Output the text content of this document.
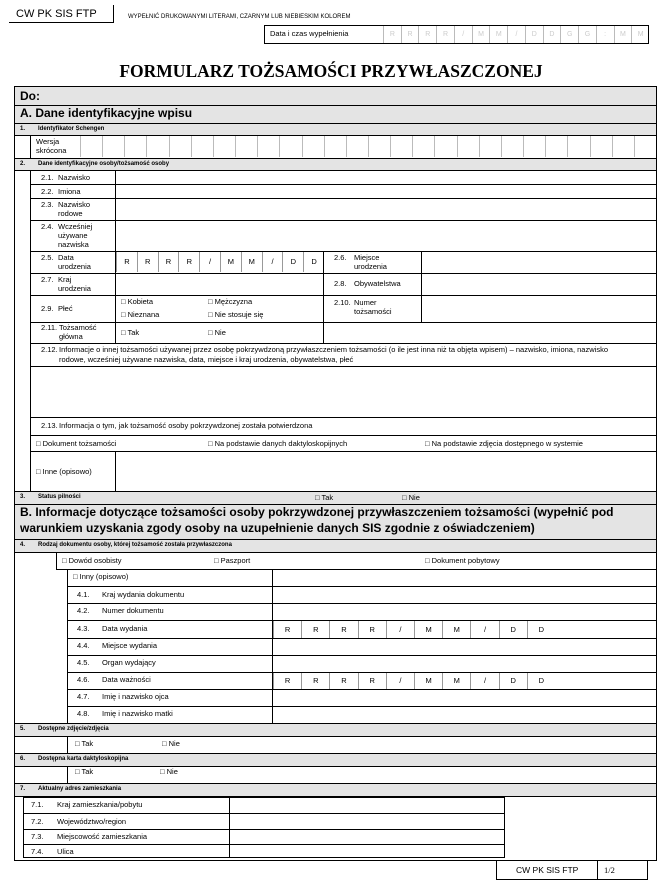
CW PK SIS FTP	WYPEŁNIĆ DRUKOWANYMI LITERAMI, CZARNYM LUB NIEBIESKIM KOLOREM
Data i czas wypełnienia	R	R	R	R	/	M	M	/	D	D	G	G	:	M	M
FORMULARZ TOŻSAMOŚCI PRZYWŁASZCZONEJ
Do:
A. Dane identyfikacyjne wpisu
1. Identyfikator Schengen
Wersja skrócona
2. Dane identyfikacyjne osoby/tożsamość osoby
2.1. Nazwisko
2.2. Imiona
2.3. Nazwisko
rodowe
2.4. Wcześniej
używane
nazwiska
2.5. Data
urodzenia
R	R	R	R	/	M	M	/	D	D	2.6. Miejsce
urodzenia
2.7. Kraj
urodzenia
2.8. Obywatelstwa
2.9. Płeć
□ Kobieta	□ Mężczyzna
□ Nieznana	□ Nie stosuje się
2.10. Numer
tożsamości
2.11. Tożsamość
główna	□ Tak	□ Nie
2.12. Informacje o innej tożsamości używanej przez osobę pokrzywdzoną przywłaszczeniem tożsamości (o ile jest inna niż ta objęta wpisem) – nazwisko, imiona, nazwisko
rodowe, wcześniej używane nazwiska, data, miejsce i kraj urodzenia, obywatelstwa, płeć
2.13. Informacja o tym, jak tożsamość osoby pokrzywdzonej została potwierdzona
□ Dokument tożsamości	□ Na podstawie danych daktyloskopijnych	□ Na podstawie zdjęcia dostępnego w systemie
□ Inne (opisowo)
3. Status pilności	□ Tak	□ Nie
B. Informacje dotyczące tożsamości osoby pokrzywdzonej przywłaszczeniem tożsamości (wypełnić pod
warunkiem uzyskania zgody osoby na uzupełnienie danych SIS zgodnie z oświadczeniem)
4. Rodzaj dokumentu osoby, której tożsamość została przywłaszczona
□ Dowód osobisty	□ Paszport	□ Dokument pobytowy
□ Inny (opisowo)
4.1. Kraj wydania dokumentu
4.2. Numer dokumentu
4.3. Data wydania	R	R	R	R	/	M	M	/	D	D
4.4. Miejsce wydania
4.5. Organ wydający
4.6. Data ważności	R	R	R	R	/	M	M	/	D	D
4.7. Imię i nazwisko ojca
4.8. Imię i nazwisko matki
5. Dostępne zdjęcie/zdjęcia
□ Tak	□ Nie
6. Dostępna karta daktyloskopijna
□ Tak	□ Nie
7. Aktualny adres zamieszkania
7.1. Kraj zamieszkania/pobytu
7.2. Województwo/region
7.3. Miejscowość zamieszkania
7.4. Ulica
CW PK SIS FTP	1/2
